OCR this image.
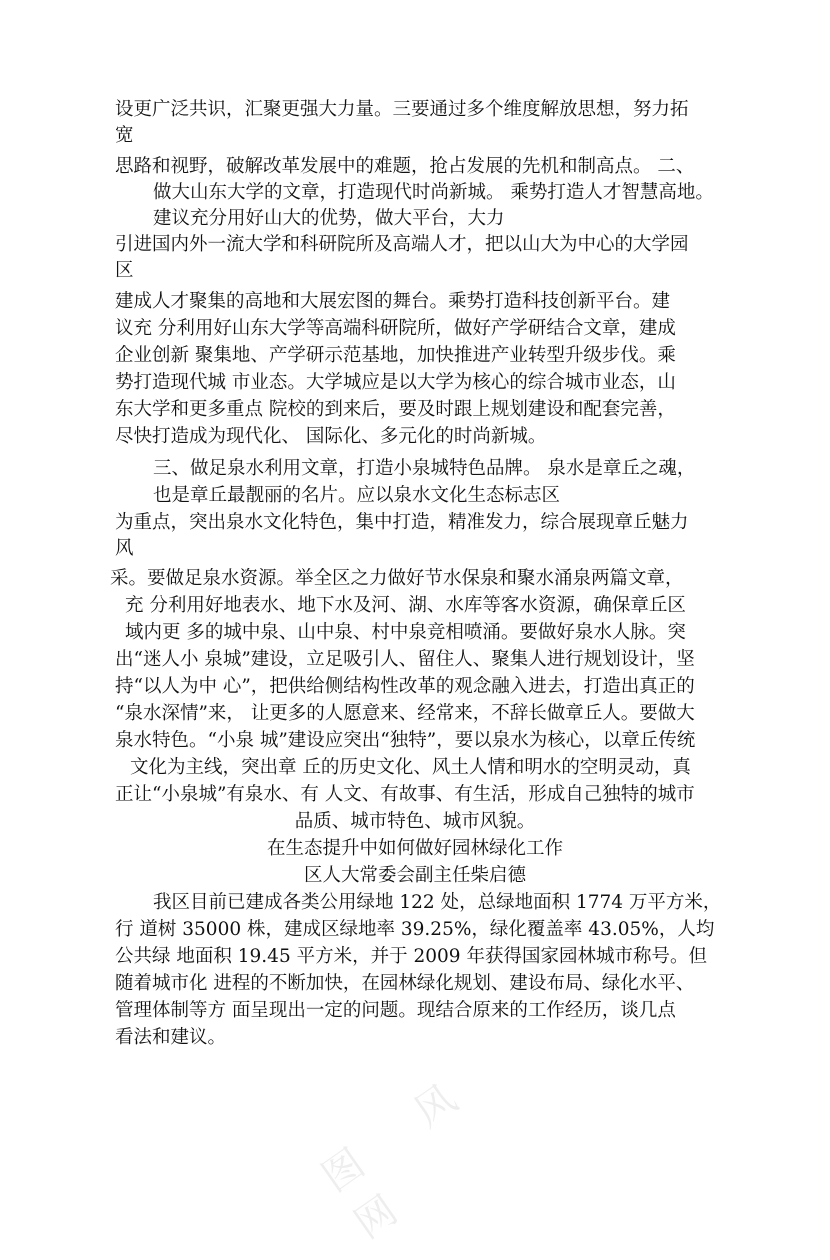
设更广泛共识，汇聚更强大力量。三要通过多个维度解放思想，努力拓
宽
思路和视野，破解改革发展中的难题，抢占发展的先机和制高点。 二、
做大山东大学的文章，打造现代时尚新城。 乘势打造人才智慧高地。
建议充分用好山大的优势，做大平台，大力
引进国内外一流大学和科研院所及高端人才，把以山大为中心的大学园
区
建成人才聚集的高地和大展宏图的舞台。乘势打造科技创新平台。建
议充 分利用好山东大学等高端科研院所，做好产学研结合文章，建成
企业创新 聚集地、产学研示范基地，加快推进产业转型升级步伐。乘
势打造现代城 市业态。大学城应是以大学为核心的综合城市业态，山
东大学和更多重点 院校的到来后，要及时跟上规划建设和配套完善，
尽快打造成为现代化、 国际化、多元化的时尚新城。
三、做足泉水利用文章，打造小泉城特色品牌。 泉水是章丘之魂，
也是章丘最靓丽的名片。应以泉水文化生态标志区
为重点，突出泉水文化特色，集中打造，精准发力，综合展现章丘魅力
风
采。要做足泉水资源。举全区之力做好节水保泉和聚水涌泉两篇文章，
充 分利用好地表水、地下水及河、湖、水库等客水资源，确保章丘区
域内更 多的城中泉、山中泉、村中泉竞相喷涌。要做好泉水人脉。突
出“迷人小 泉城”建设，立足吸引人、留住人、聚集人进行规划设计，坚
持“以人为中 心”，把供给侧结构性改革的观念融入进去，打造出真正的
“泉水深情”来， 让更多的人愿意来、经常来，不辞长做章丘人。要做大
泉水特色。“小泉 城”建设应突出“独特”，要以泉水为核心，以章丘传统
文化为主线，突出章 丘的历史文化、风土人情和明水的空明灵动，真
正让“小泉城”有泉水、有 人文、有故事、有生活，形成自己独特的城市
品质、城市特色、城市风貌。
在生态提升中如何做好园林绿化工作
区人大常委会副主任柴启德
我区目前已建成各类公用绿地 122 处，总绿地面积 1774 万平方米，
行 道树 35000 株，建成区绿地率 39.25%，绿化覆盖率 43.05%，人均
公共绿 地面积 19.45 平方米，并于 2009 年获得国家园林城市称号。但
随着城市化 进程的不断加快，在园林绿化规划、建设布局、绿化水平、
管理体制等方 面呈现出一定的问题。现结合原来的工作经历，谈几点
看法和建议。
图 风 网
